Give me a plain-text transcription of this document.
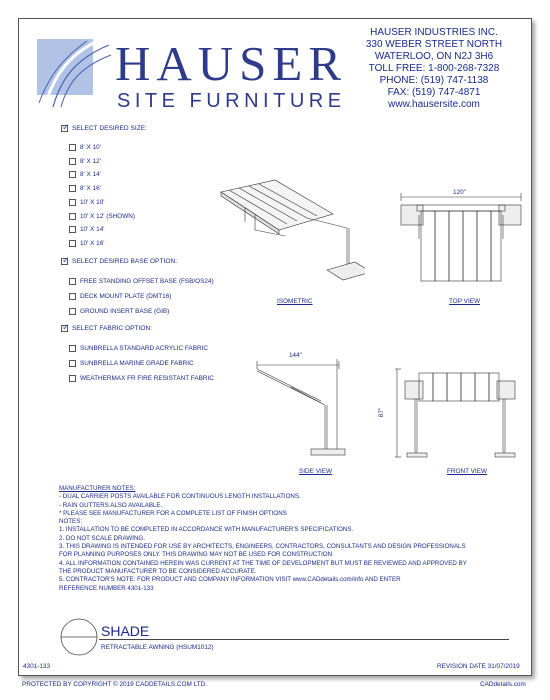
HAUSER
SITE FURNITURE
HAUSER INDUSTRIES INC.
330 WEBER STREET NORTH
WATERLOO, ON N2J 3H6
TOLL FREE: 1-800-268-7328
PHONE: (519) 747-1138
FAX: (519) 747-4871
www.hausersite.com
✓
SELECT DESIRED SIZE:
8' X 10'
8' X 12'
8' X 14'
8' X 16'
10' X 10'
10' X 12' (SHOWN)
10' X 14'
10' X 16'
✓
SELECT DESIRED BASE OPTION:
FREE STANDING OFFSET BASE (FSB/OS24)
DECK MOUNT PLATE (DMT16)
GROUND INSERT BASE (GIB)
✓
SELECT FABRIC OPTION:
SUNBRELLA STANDARD ACRYLIC FABRIC
SUNBRELLA MARINE GRADE FABRIC
WEATHERMAX FR FIRE RESISTANT FABRIC
ISOMETRIC
120"
TOP VIEW
144"
SIDE VIEW
87"
FRONT VIEW
MANUFACTURER NOTES:
- DUAL CARRIER POSTS AVAILABLE FOR CONTINUOUS LENGTH INSTALLATIONS.
- RAIN GUTTERS ALSO AVAILABLE.
* PLEASE SEE MANUFACTURER FOR A COMPLETE LIST OF FINISH OPTIONS
NOTES:
1. INSTALLATION TO BE COMPLETED IN ACCORDANCE WITH MANUFACTURER'S SPECIFICATIONS.
2. DO NOT SCALE DRAWING.
3. THIS DRAWING IS INTENDED FOR USE BY ARCHITECTS, ENGINEERS, CONTRACTORS, CONSULTANTS AND DESIGN PROFESSIONALS
FOR PLANNING PURPOSES ONLY. THIS DRAWING MAY NOT BE USED FOR CONSTRUCTION.
4. ALL INFORMATION CONTAINED HEREIN WAS CURRENT AT THE TIME OF DEVELOPMENT BUT MUST BE REVIEWED AND APPROVED BY
THE PRODUCT MANUFACTURER TO BE CONSIDERED ACCURATE.
5. CONTRACTOR'S NOTE: FOR PRODUCT AND COMPANY INFORMATION VISIT www.CADdetails.com/info AND ENTER
REFERENCE NUMBER 4301-133
SHADE
RETRACTABLE AWNING (HSUM1012)
4301-133	REVISION DATE 31/07/2019
PROTECTED BY COPYRIGHT © 2019 CADDETAILS.COM LTD.	CADdetails.com
